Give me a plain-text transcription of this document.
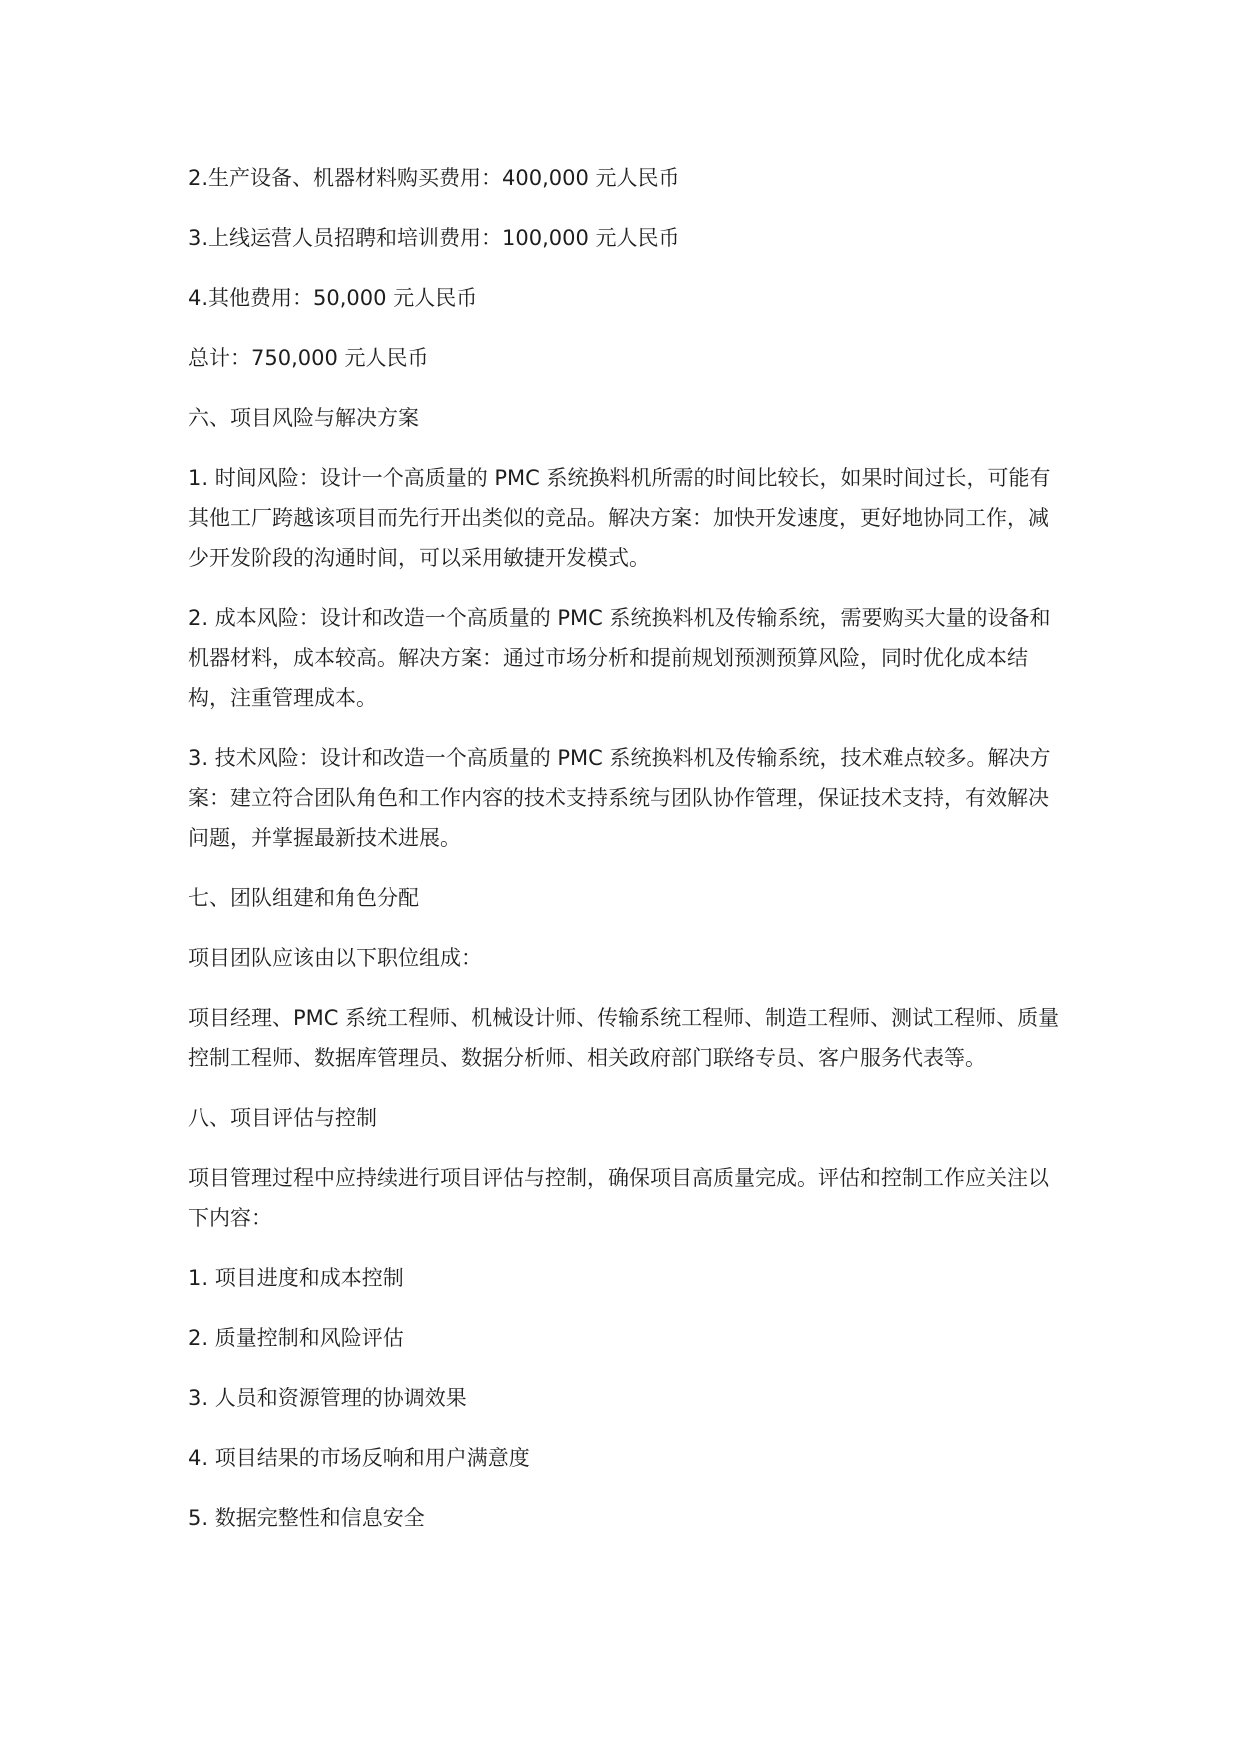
2.生产设备、机器材料购买费用：400,000 元人民币

3.上线运营人员招聘和培训费用：100,000 元人民币

4.其他费用：50,000 元人民币

总计：750,000 元人民币

六、项目风险与解决方案

1. 时间风险：设计一个高质量的 PMC 系统换料机所需的时间比较长，如果时间过长，可能有其他工厂跨越该项目而先行开出类似的竞品。解决方案：加快开发速度，更好地协同工作，减少开发阶段的沟通时间，可以采用敏捷开发模式。

2. 成本风险：设计和改造一个高质量的 PMC 系统换料机及传输系统，需要购买大量的设备和机器材料，成本较高。解决方案：通过市场分析和提前规划预测预算风险，同时优化成本结构，注重管理成本。

3. 技术风险：设计和改造一个高质量的 PMC 系统换料机及传输系统，技术难点较多。解决方案：建立符合团队角色和工作内容的技术支持系统与团队协作管理，保证技术支持，有效解决问题，并掌握最新技术进展。

七、团队组建和角色分配

项目团队应该由以下职位组成：

项目经理、PMC 系统工程师、机械设计师、传输系统工程师、制造工程师、测试工程师、质量控制工程师、数据库管理员、数据分析师、相关政府部门联络专员、客户服务代表等。

八、项目评估与控制

项目管理过程中应持续进行项目评估与控制，确保项目高质量完成。评估和控制工作应关注以下内容：

1. 项目进度和成本控制

2. 质量控制和风险评估

3. 人员和资源管理的协调效果

4. 项目结果的市场反响和用户满意度

5. 数据完整性和信息安全
